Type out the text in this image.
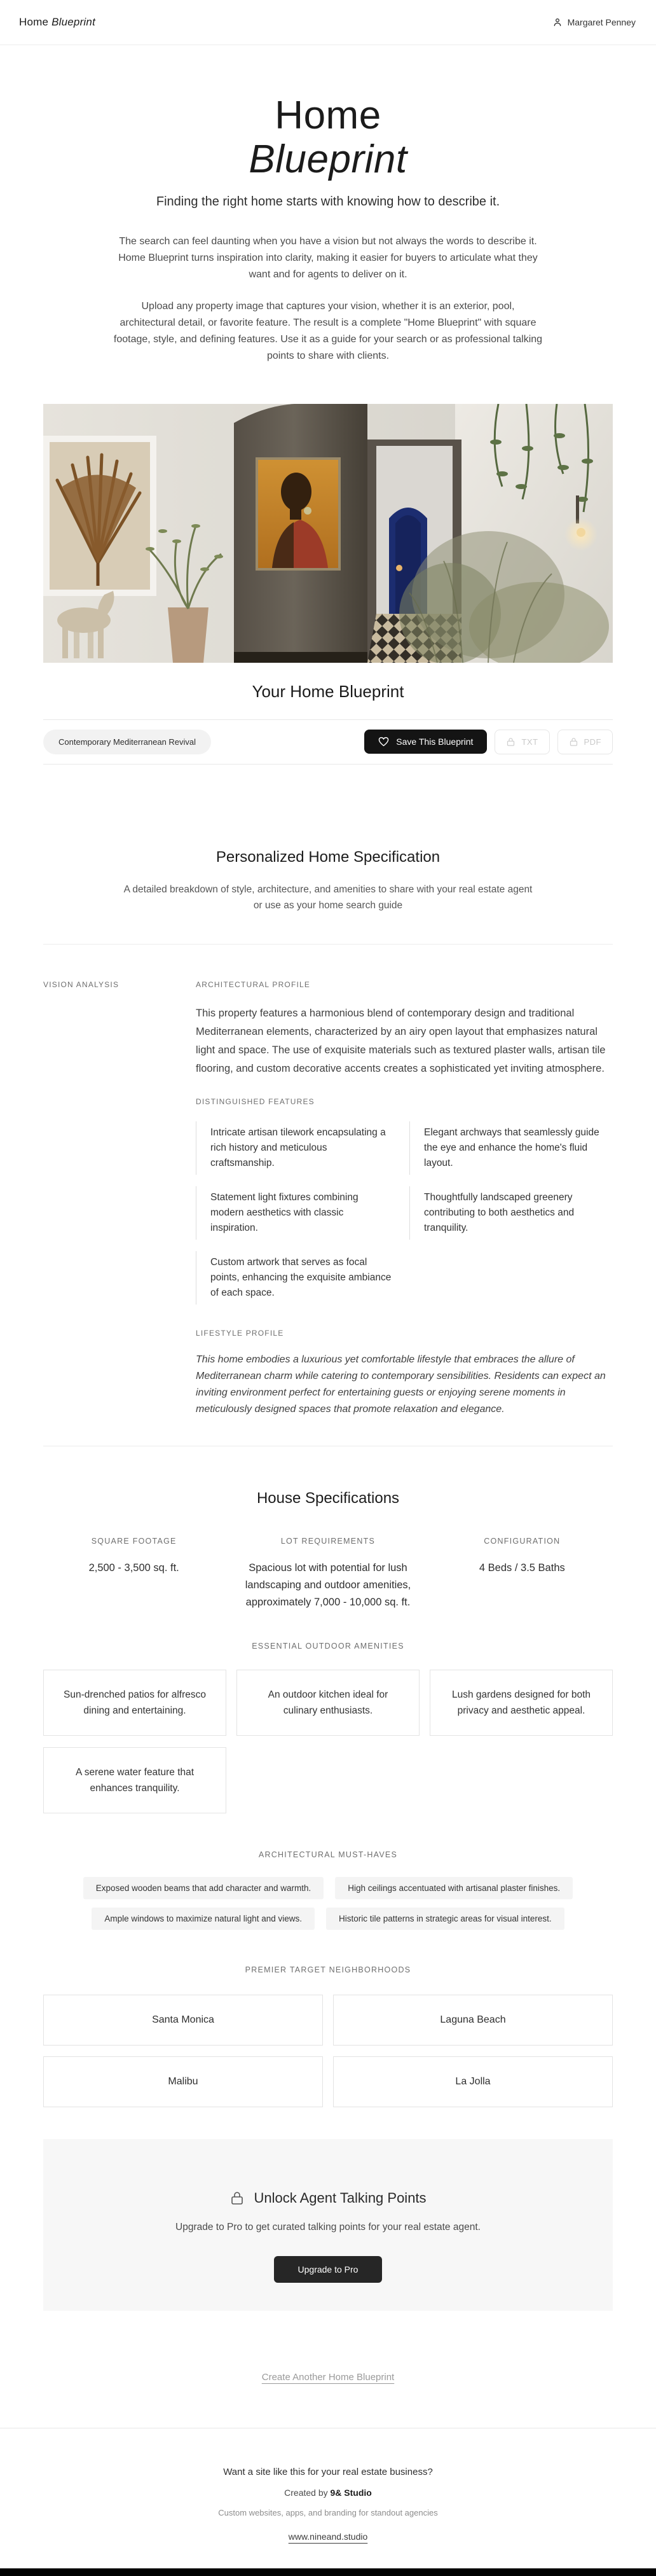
Home Blueprint	Margaret Penney
Home
Blueprint
Finding the right home starts with knowing how to describe it.

The search can feel daunting when you have a vision but not always the words to describe it. Home Blueprint turns inspiration into clarity, making it easier for buyers to articulate what they want and for agents to deliver on it.

Upload any property image that captures your vision, whether it is an exterior, pool, architectural detail, or favorite feature. The result is a complete "Home Blueprint" with square footage, style, and defining features. Use it as a guide for your search or as professional talking points to share with clients.

Your Home Blueprint
Contemporary Mediterranean Revival	Save This Blueprint	TXT	PDF
Personalized Home Specification

A detailed breakdown of style, architecture, and amenities to share with your real estate agent or use as your home search guide

VISION ANALYSIS	ARCHITECTURAL PROFILE

This property features a harmonious blend of contemporary design and traditional Mediterranean elements, characterized by an airy open layout that emphasizes natural light and space. The use of exquisite materials such as textured plaster walls, artisan tile flooring, and custom decorative accents creates a sophisticated yet inviting atmosphere.

DISTINGUISHED FEATURES
Intricate artisan tilework encapsulating a rich history and meticulous craftsmanship.
Elegant archways that seamlessly guide the eye and enhance the home's fluid layout.
Statement light fixtures combining modern aesthetics with classic inspiration.
Thoughtfully landscaped greenery contributing to both aesthetics and tranquility.
Custom artwork that serves as focal points, enhancing the exquisite ambiance of each space.
LIFESTYLE PROFILE

This home embodies a luxurious yet comfortable lifestyle that embraces the allure of Mediterranean charm while catering to contemporary sensibilities. Residents can expect an inviting environment perfect for entertaining guests or enjoying serene moments in meticulously designed spaces that promote relaxation and elegance.

House Specifications
SQUARE FOOTAGE
2,500 - 3,500 sq. ft.
LOT REQUIREMENTS
Spacious lot with potential for lush landscaping and outdoor amenities, approximately 7,000 - 10,000 sq. ft.
CONFIGURATION
4 Beds / 3.5 Baths
ESSENTIAL OUTDOOR AMENITIES
Sun-drenched patios for alfresco dining and entertaining.
An outdoor kitchen ideal for culinary enthusiasts.
Lush gardens designed for both privacy and aesthetic appeal.
A serene water feature that enhances tranquility.
ARCHITECTURAL MUST-HAVES
Exposed wooden beams that add character and warmth.	High ceilings accentuated with artisanal plaster finishes.
Ample windows to maximize natural light and views.	Historic tile patterns in strategic areas for visual interest.
PREMIER TARGET NEIGHBORHOODS
Santa Monica	Laguna Beach
Malibu	La Jolla
Unlock Agent Talking Points
Upgrade to Pro to get curated talking points for your real estate agent.
Upgrade to Pro
Create Another Home Blueprint
Want a site like this for your real estate business?
Created by 9& Studio
Custom websites, apps, and branding for standout agencies
www.nineand.studio
